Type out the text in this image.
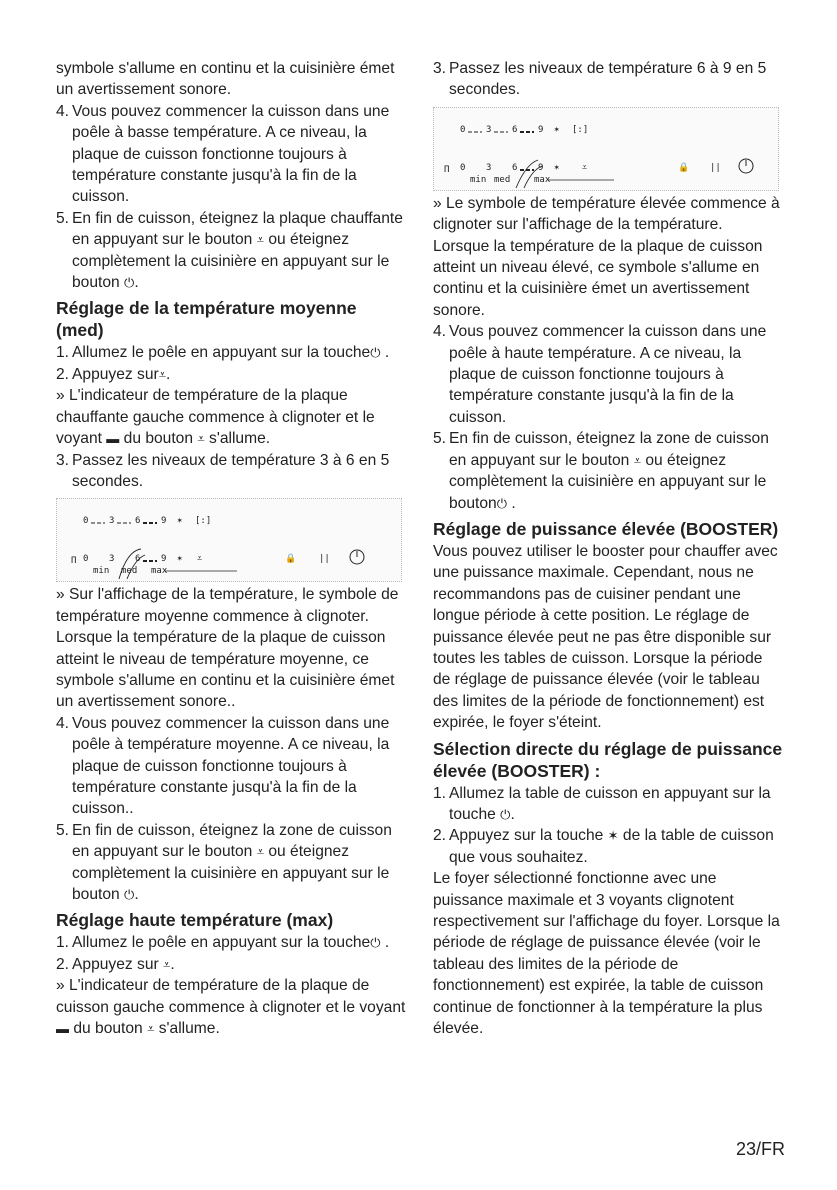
symbole s'allume en continu et la cuisinière émet un avertissement sonore.

4. Vous pouvez commencer la cuisson dans une poêle à basse température. A ce niveau, la plaque de cuisson fonctionne toujours à température constante jusqu'à la fin de la cuisson.
5. En fin de cuisson, éteignez la plaque chauffante en appuyant sur le bouton ⩡ ou éteignez complètement la cuisinière en appuyant sur le bouton ⏻.

Réglage de la température moyenne (med)

1. Allumez le poêle en appuyant sur la touche⏻ .
2. Appuyez sur⩡.

» L'indicateur de température de la plaque chauffante gauche commence à clignoter et le voyant ▬ du bouton ⩡ s'allume.

3. Passez les niveaux de température 3 à 6 en 5 secondes.
0 3 6 9 ✶ [:]
Π 0 3 6 9 ✶ ⩡	🔒	||
min med max

» Sur l'affichage de la température, le symbole de température moyenne commence à clignoter. Lorsque la température de la plaque de cuisson atteint le niveau de température moyenne, ce symbole s'allume en continu et la cuisinière émet un avertissement sonore..

4. Vous pouvez commencer la cuisson dans une poêle à température moyenne. A ce niveau, la plaque de cuisson fonctionne toujours à température constante jusqu'à la fin de la cuisson..
5. En fin de cuisson, éteignez la zone de cuisson en appuyant sur le bouton ⩡ ou éteignez complètement la cuisinière en appuyant sur le bouton ⏻.

Réglage haute température (max)

1. Allumez le poêle en appuyant sur la touche⏻ .
2. Appuyez sur ⩡.

» L'indicateur de température de la plaque de cuisson gauche commence à clignoter et le voyant ▬ du bouton ⩡ s'allume.

3. Passez les niveaux de température 6 à 9 en 5 secondes.
0 3 6 9 ✶ [:]
Π 0 3 6 9 ✶	⩡	🔒 ||
min med	max

» Le symbole de température élevée commence à clignoter sur l'affichage de la température. Lorsque la température de la plaque de cuisson atteint un niveau élevé, ce symbole s'allume en continu et la cuisinière émet un avertissement sonore.

4. Vous pouvez commencer la cuisson dans une poêle à haute température. A ce niveau, la plaque de cuisson fonctionne toujours à température constante jusqu'à la fin de la cuisson.
5. En fin de cuisson, éteignez la zone de cuisson en appuyant sur le bouton ⩡ ou éteignez complètement la cuisinière en appuyant sur le bouton⏻ .

Réglage de puissance élevée (BOOSTER)

Vous pouvez utiliser le booster pour chauffer avec une puissance maximale. Cependant, nous ne recommandons pas de cuisiner pendant une longue période à cette position. Le réglage de puissance élevée peut ne pas être disponible sur toutes les tables de cuisson. Lorsque la période de réglage de puissance élevée (voir le tableau des limites de la période de fonctionnement) est expirée, le foyer s'éteint.

Sélection directe du réglage de puissance élevée (BOOSTER) :

1. Allumez la table de cuisson en appuyant sur la touche ⏻.
2. Appuyez sur la touche ✶ de la table de cuisson que vous souhaitez.

Le foyer sélectionné fonctionne avec une puissance maximale et 3 voyants clignotent respectivement sur l'affichage du foyer. Lorsque la période de réglage de puissance élevée (voir le tableau des limites de la période de fonctionnement) est expirée, la table de cuisson continue de fonctionner à la température la plus élevée.

23/FR
